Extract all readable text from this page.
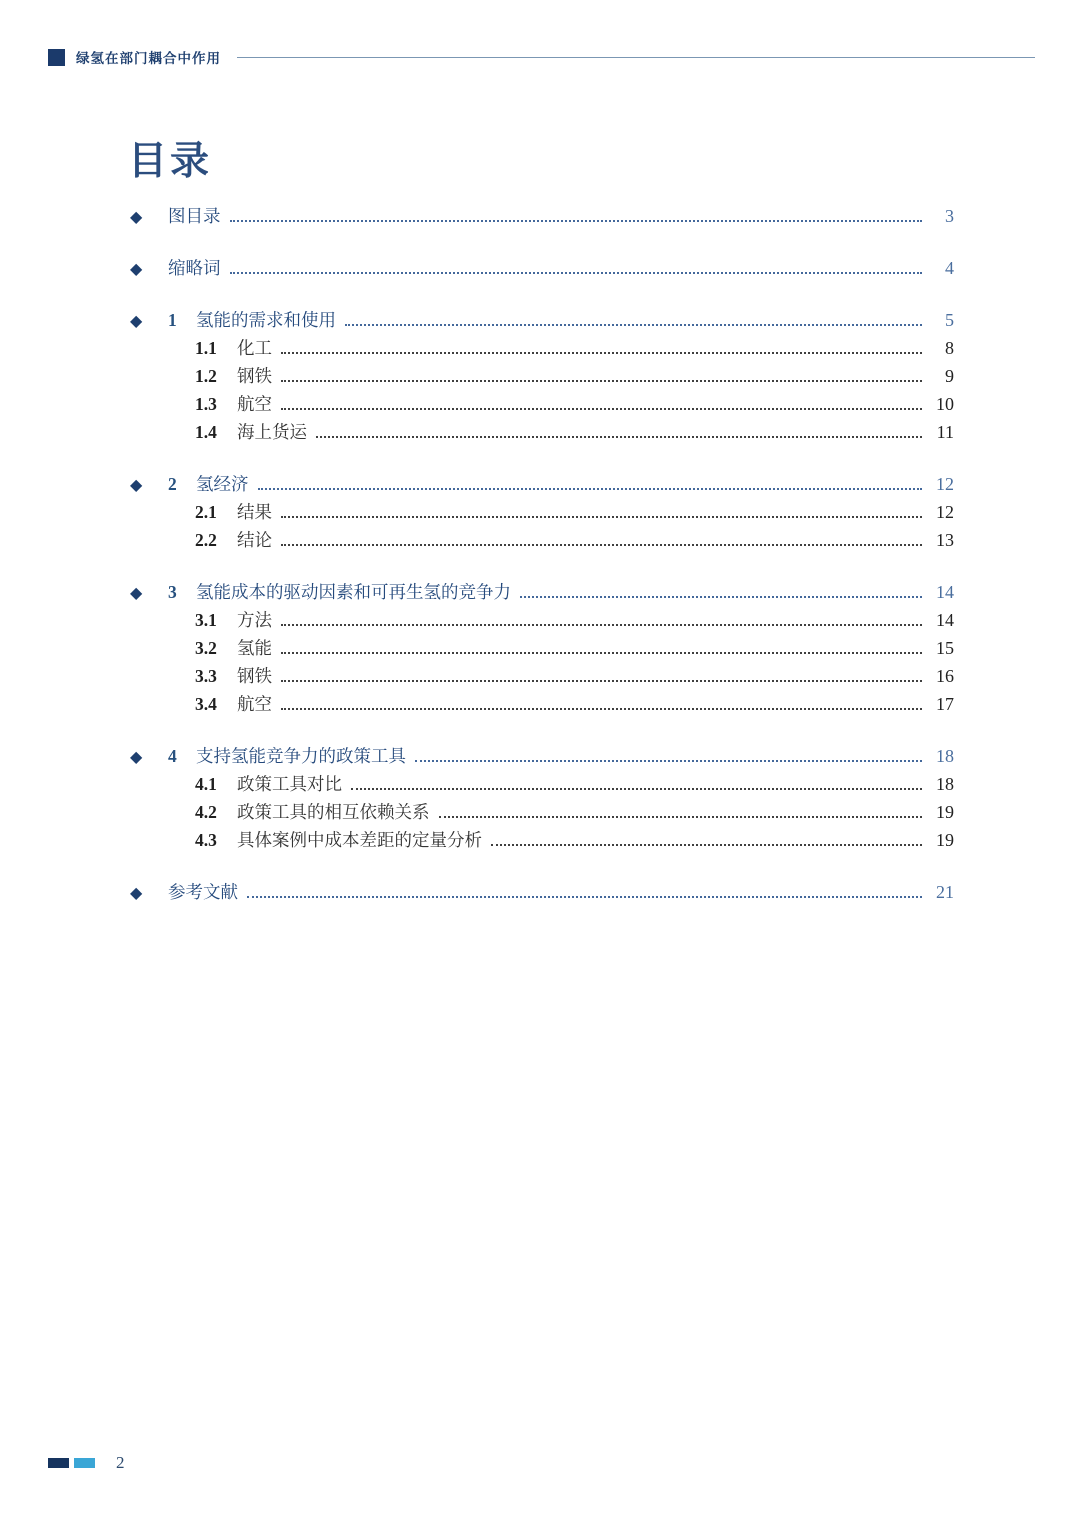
绿氢在部门耦合中作用
目录
◆	图目录	3
◆	缩略词	4
◆	1	氢能的需求和使用	5
1.1	化工	8
1.2	钢铁	9
1.3	航空	10
1.4	海上货运	11
◆	2	氢经济	12
2.1	结果	12
2.2	结论	13
◆	3	氢能成本的驱动因素和可再生氢的竞争力	14
3.1	方法	14
3.2	氢能	15
3.3	钢铁	16
3.4	航空	17
◆	4	支持氢能竞争力的政策工具	18
4.1	政策工具对比	18
4.2	政策工具的相互依赖关系	19
4.3	具体案例中成本差距的定量分析	19
◆	参考文献	21
2
